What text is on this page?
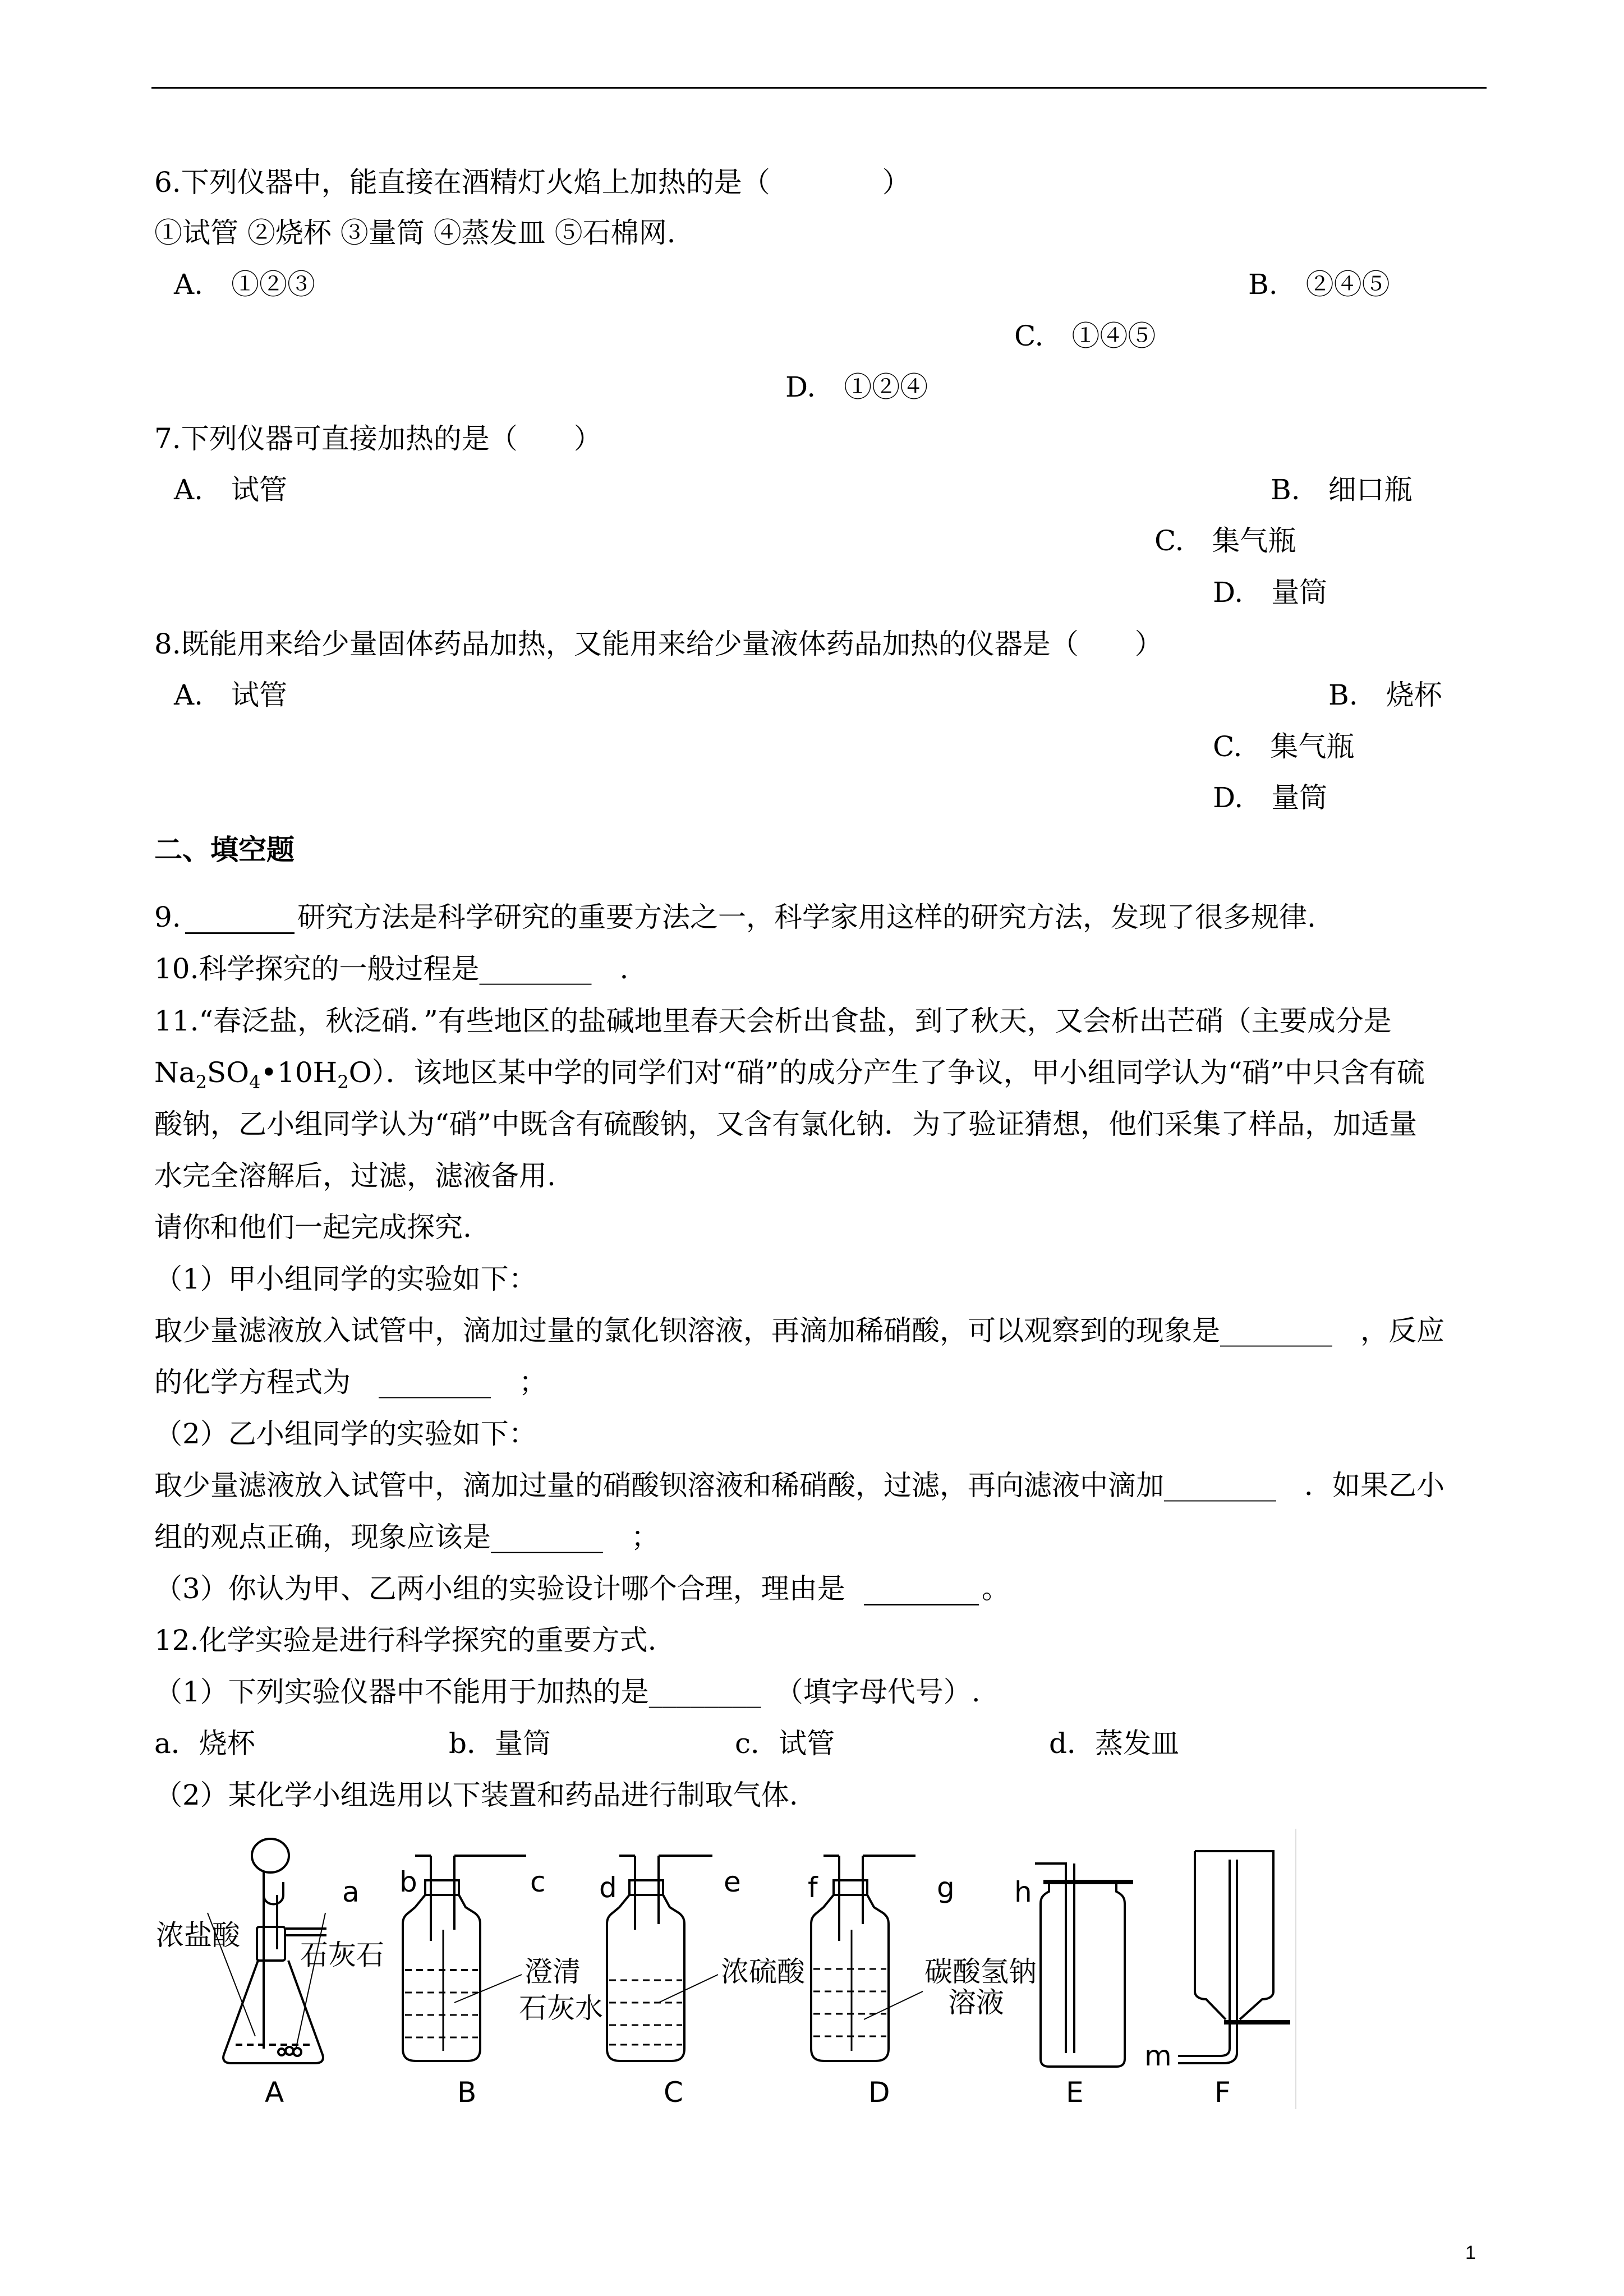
6.下列仪器中，能直接在酒精灯火焰上加热的是（　　　　）
①试管 ②烧杯 ③量筒 ④蒸发皿 ⑤石棉网.
A.　①②③	B.　②④⑤
C.　①④⑤
D.　①②④
7.下列仪器可直接加热的是（　　）
A.　试管	B.　细口瓶
C.　集气瓶
D.　量筒
8.既能用来给少量固体药品加热，又能用来给少量液体药品加热的仪器是（　　）
A.　试管	B.　烧杯
C.　集气瓶
D.　量筒
二、填空题
9.	研究方法是科学研究的重要方法之一，科学家用这样的研究方法，发现了很多规律.
10.科学探究的一般过程是________　.
11.“春泛盐，秋泛硝．”有些地区的盐碱地里春天会析出食盐，到了秋天，又会析出芒硝（主要成分是
$Na_2SO_4•10H_2O$）．该地区某中学的同学们对“硝”的成分产生了争议，甲小组同学认为“硝”中只含有硫
酸钠，乙小组同学认为“硝”中既含有硫酸钠，又含有氯化钠．为了验证猜想，他们采集了样品，加适量
水完全溶解后，过滤，滤液备用.
请你和他们一起完成探究.
（1）甲小组同学的实验如下：
取少量滤液放入试管中，滴加过量的氯化钡溶液，再滴加稀硝酸，可以观察到的现象是________　，反应
的化学方程式为　________　；
（2）乙小组同学的实验如下：
取少量滤液放入试管中，滴加过量的硝酸钡溶液和稀硝酸，过滤，再向滤液中滴加________　．如果乙小
组的观点正确，现象应该是________　；
（3）你认为甲、乙两小组的实验设计哪个合理，理由是	。
12.化学实验是进行科学探究的重要方式.
（1）下列实验仪器中不能用于加热的是________　（填字母代号）.
a．烧杯	b．量筒	c．试管	d．蒸发皿
（2）某化学小组选用以下装置和药品进行制取气体.
a b	c d	e f	g h
m
浓盐酸
石灰石
澄清
石灰水
浓硫酸	碳酸氢钠
溶液
A	B	C	D	E	F
1
